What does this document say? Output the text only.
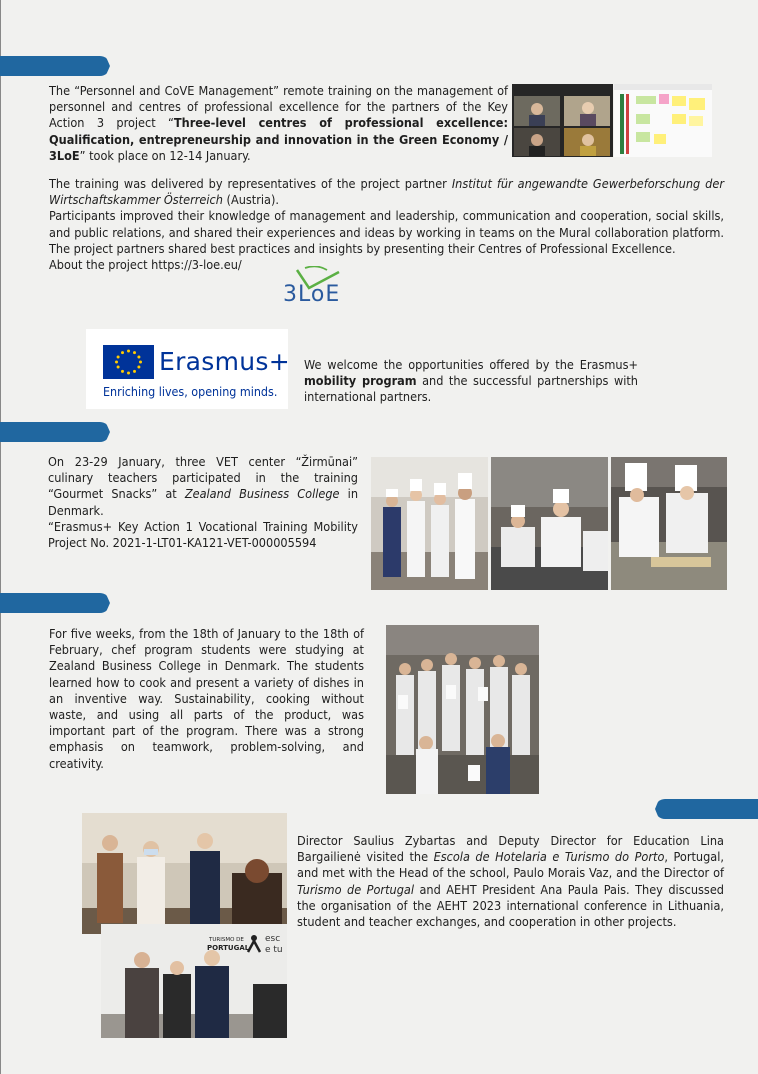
The “Personnel and CoVE Management” remote training on the management of personnel and centres of professional excellence for the partners of the Key Action 3 project “Three-level centres of professional excellence: Qualification, entrepreneurship and innovation in the Green Economy / 3LoE” took place on 12-14 January.

The training was delivered by representatives of the project partner Institut für angewandte Gewerbeforschung der Wirtschaftskammer Österreich (Austria).

Participants improved their knowledge of management and leadership, communication and cooperation, social skills, and public relations, and shared their experiences and ideas by working in teams on the Mural collaboration platform. The project partners shared best practices and insights by presenting their Centres of Professional Excellence.

About the project https://3-loe.eu/

3LoE
Erasmus+
Enriching lives, opening minds.

We welcome the opportunities offered by the Erasmus+ mobility program and the successful partnerships with international partners.

On 23-29 January, three VET center “Žirmūnai” culinary teachers participated in the training “Gourmet Snacks” at Zealand Business College in Denmark.

“Erasmus+ Key Action 1 Vocational Training Mobility Project No. 2021-1-LT01-KA121-VET-000005594

For five weeks, from the 18th of January to the 18th of February, chef program students were studying at Zealand Business College in Denmark. The students learned how to cook and present a variety of dishes in an inventive way. Sustainability, cooking without waste, and using all parts of the product, was important part of the program. There was a strong emphasis on teamwork, problem-solving, and creativity.

TURISMO DE
PORTUGAL
esc
e tu

Director Saulius Zybartas and Deputy Director for Education Lina Bargailienė visited the Escola de Hotelaria e Turismo do Porto, Portugal, and met with the Head of the school, Paulo Morais Vaz, and the Director of Turismo de Portugal and AEHT President Ana Paula Pais. They discussed the organisation of the AEHT 2023 international conference in Lithuania, student and teacher exchanges, and cooperation in other projects.
